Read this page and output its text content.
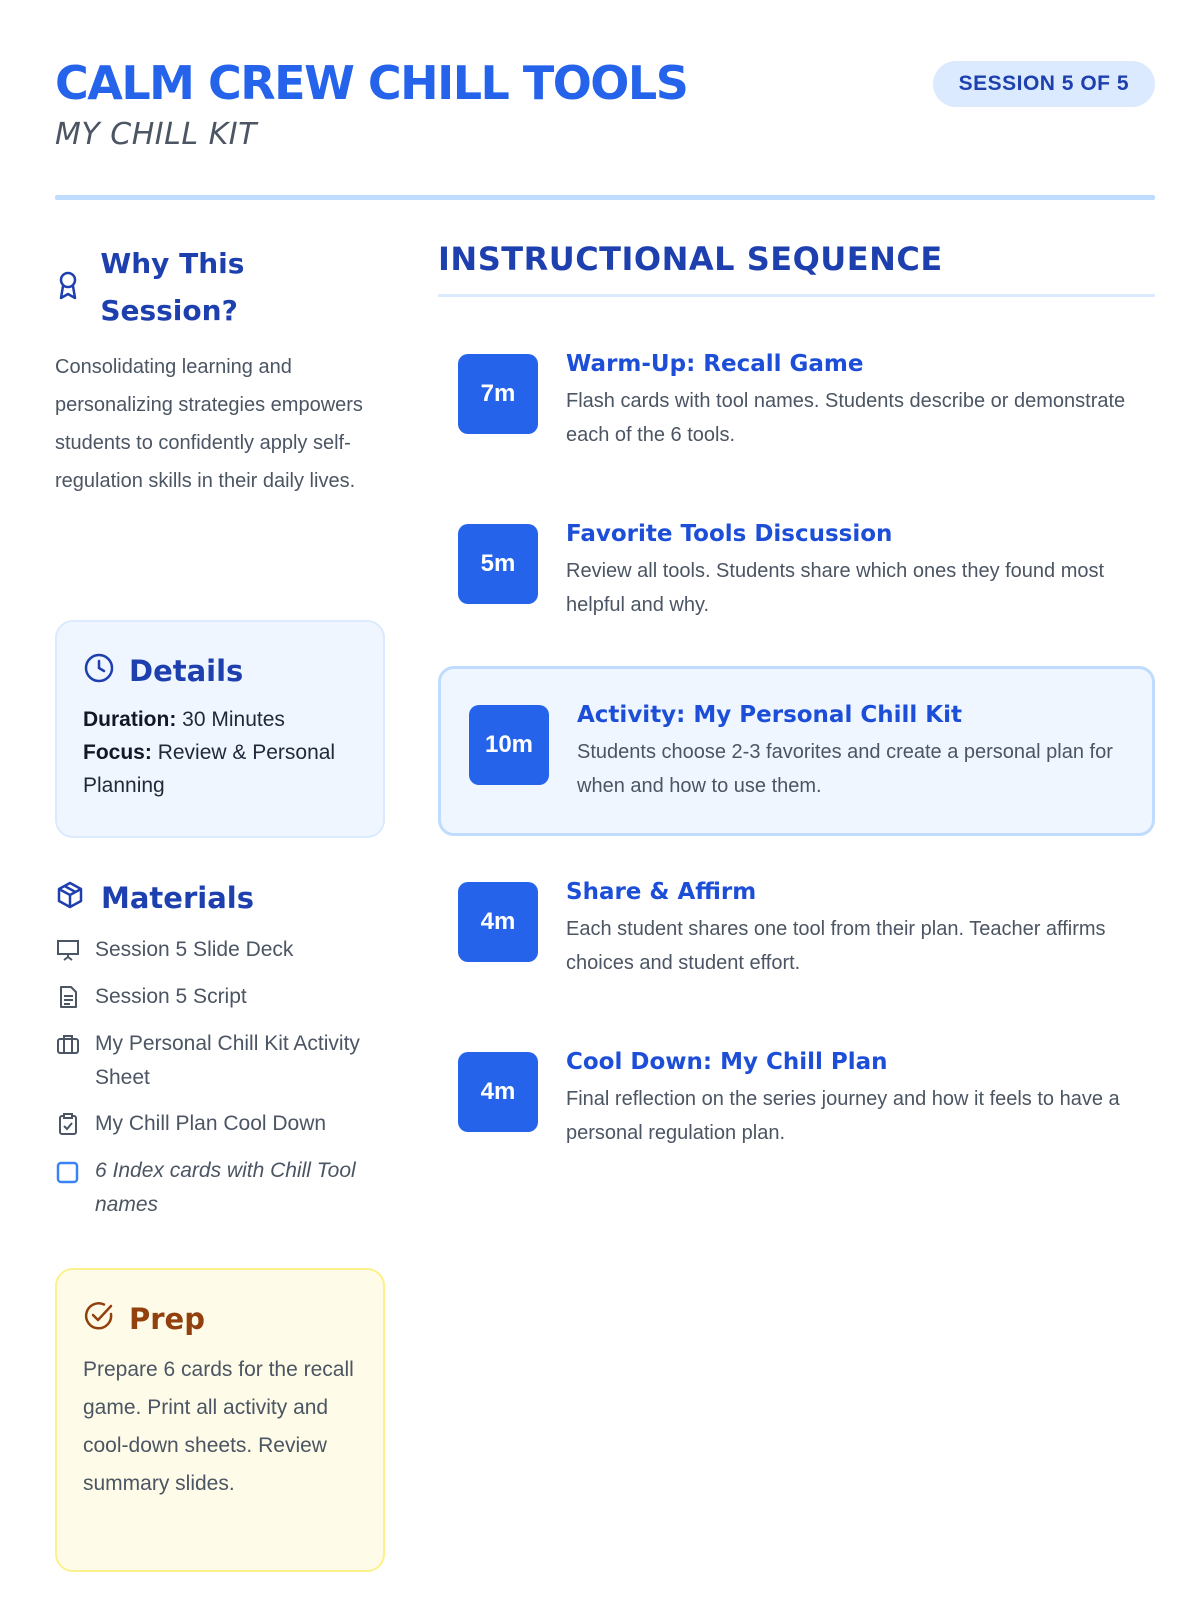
CALM CREW CHILL TOOLS
MY CHILL KIT
SESSION 5 OF 5
Why This Session?
Consolidating learning and personalizing strategies empowers students to confidently apply self-regulation skills in their daily lives.
Details

Duration: 30 Minutes

Focus: Review & Personal Planning

Materials
Session 5 Slide Deck
Session 5 Script
My Personal Chill Kit Activity Sheet
My Chill Plan Cool Down
6 Index cards with Chill Tool names
Prep

Prepare 6 cards for the recall game. Print all activity and cool-down sheets. Review summary slides.

INSTRUCTIONAL SEQUENCE
7m
Warm-Up: Recall Game
Flash cards with tool names. Students describe or demonstrate each of the 6 tools.
5m
Favorite Tools Discussion
Review all tools. Students share which ones they found most helpful and why.
10m
Activity: My Personal Chill Kit
Students choose 2-3 favorites and create a personal plan for when and how to use them.
4m
Share & Affirm
Each student shares one tool from their plan. Teacher affirms choices and student effort.
4m
Cool Down: My Chill Plan
Final reflection on the series journey and how it feels to have a personal regulation plan.
